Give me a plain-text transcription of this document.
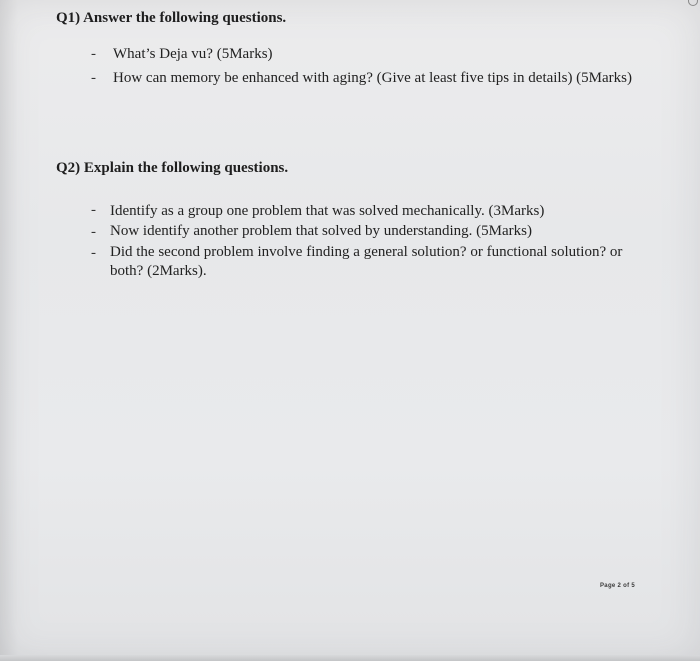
Q1) Answer the following questions.
- What’s Deja vu? (5Marks)
- How can memory be enhanced with aging? (Give at least five tips in details) (5Marks)
Q2) Explain the following questions.
- Identify as a group one problem that was solved mechanically. (3Marks)
- Now identify another problem that solved by understanding. (5Marks)
- Did the second problem involve finding a general solution? or functional solution? or both? (2Marks).
Page 2 of 5
